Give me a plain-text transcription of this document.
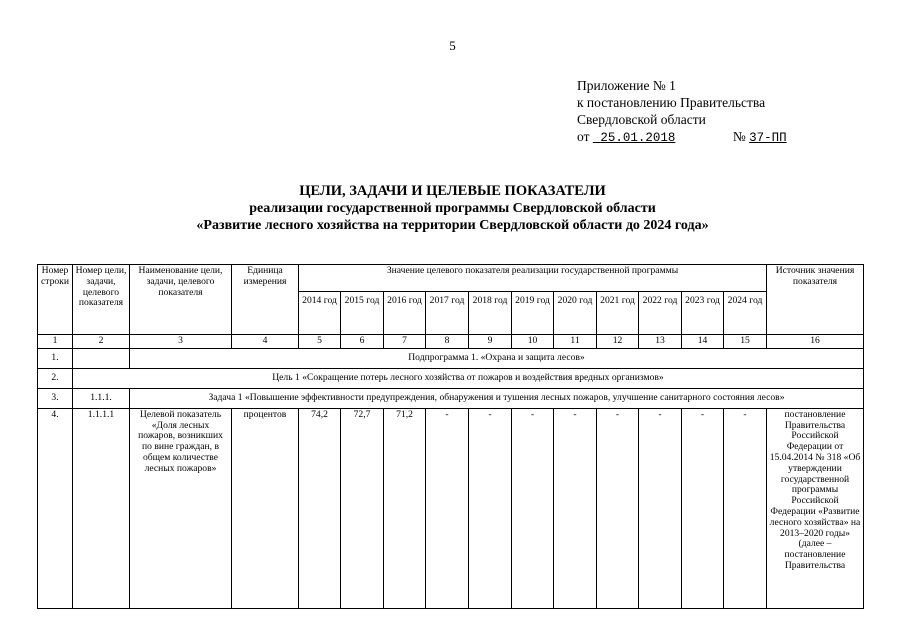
5
Приложение № 1
к постановлению Правительства
Свердловской области
от 25.01.2018	№ 37-ПП
ЦЕЛИ, ЗАДАЧИ И ЦЕЛЕВЫЕ ПОКАЗАТЕЛИ
реализации государственной программы Свердловской области
«Развитие лесного хозяйства на территории Свердловской области до 2024 года»
Номер строки	Номер цели, задачи, целевого показателя	Наименование цели, задачи, целевого показателя	Единица измерения	Значение целевого показателя реализации государственной программы											Источник значения показателя
				2014 год	2015 год	2016 год	2017 год	2018 год	2019 год	2020 год	2021 год	2022 год	2023 год	2024 год	
1	2	3	4	5	6	7	8	9	10	11	12	13	14	15	16
1.		Подпрограмма 1. «Охрана и защита лесов»													
2.	Цель 1 «Сокращение потерь лесного хозяйства от пожаров и воздействия вредных организмов»														
3.	1.1.1.	Задача 1 «Повышение эффективности предупреждения, обнаружения и тушения лесных пожаров, улучшение санитарного состояния лесов»													
4.	1.1.1.1	Целевой показатель «Доля лесных пожаров, возникших по вине граждан, в общем количестве лесных пожаров»	процентов	74,2	72,7	71,2	-	-	-	-	-	-	-	-	постановление Правительства Российской Федерации от 15.04.2014 № 318 «Об утверждении государственной программы Российской Федерации «Развитие лесного хозяйства» на 2013–2020 годы» (далее – постановление Правительства
